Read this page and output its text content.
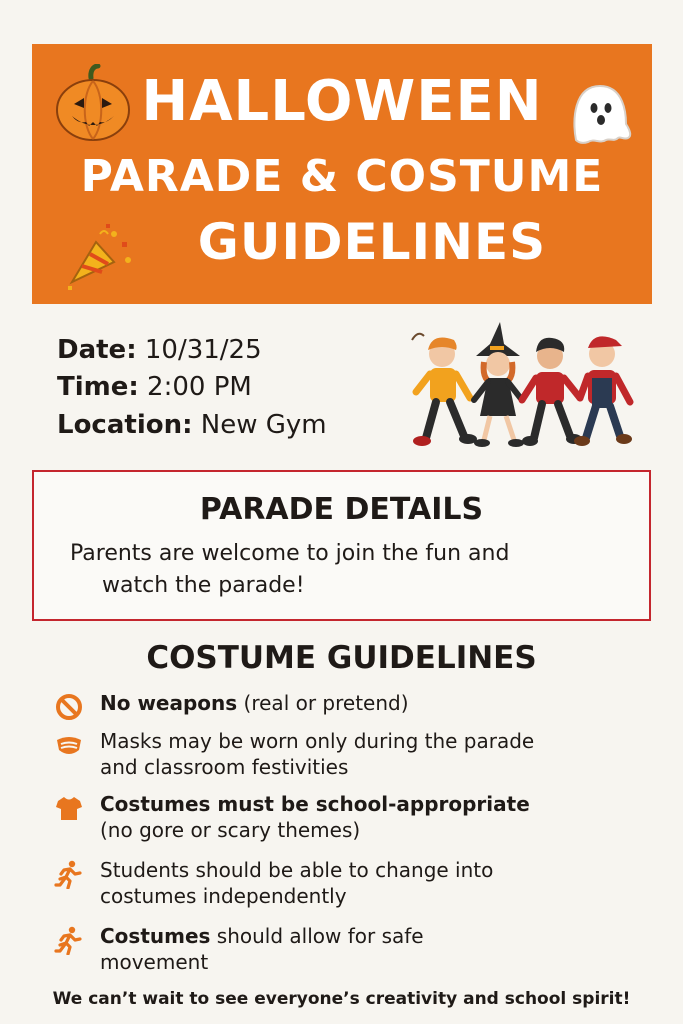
HALLOWEEN
PARADE & COSTUME
GUIDELINES
Date: 10/31/25
Time: 2:00 PM
Location: New Gym
PARADE DETAILS
Parents are welcome to join the fun and
watch the parade!
COSTUME GUIDELINES
No weapons (real or pretend)
Masks may be worn only during the parade
and classroom festivities
Costumes must be school-appropriate
(no gore or scary themes)
Students should be able to change into
costumes independently
Costumes should allow for safe
movement
We can’t wait to see everyone’s creativity and school spirit!
